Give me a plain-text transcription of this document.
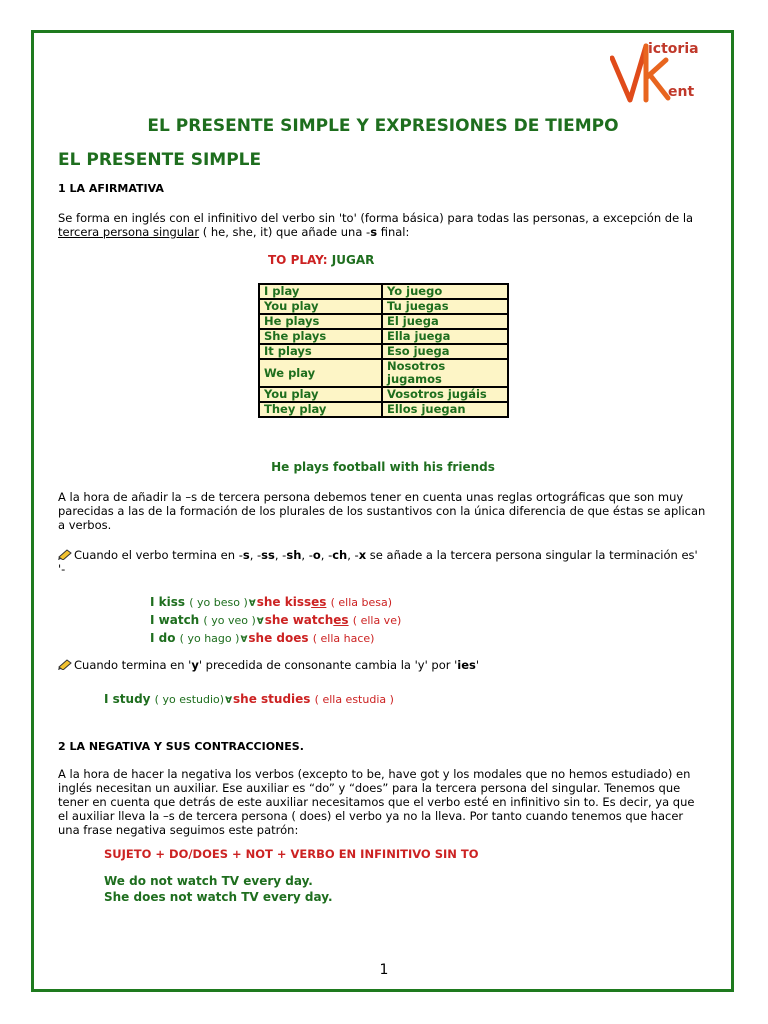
ictoria
ent
EL PRESENTE SIMPLE Y EXPRESIONES DE TIEMPO
EL PRESENTE SIMPLE
1 LA AFIRMATIVA
Se forma en inglés con el infinitivo del verbo sin 'to' (forma básica) para todas las personas, a excepción de la tercera persona singular ( he, she, it) que añade una -s final:
TO PLAY: JUGAR
I play	Yo juego
You play	Tu juegas
He plays	El juega
She plays	Ella juega
It plays	Eso juega
We play	Nosotros jugamos
You play	Vosotros jugáis
They play	Ellos juegan
He plays football with his friends
A la hora de añadir la –s de tercera persona debemos tener en cuenta unas reglas ortográficas que son muy parecidas a las de la formación de los plurales de los sustantivos con la única diferencia de que éstas se aplican a verbos.
Cuando el verbo termina en -s, -ss, -sh, -o, -ch, -x se añade a la tercera persona singular la terminación es' '-
I kiss ( yo beso )∀she kisses ( ella besa)
I watch ( yo veo )∀she watches ( ella ve)
I do ( yo hago )∀she does ( ella hace)
Cuando termina en 'y' precedida de consonante cambia la 'y' por 'ies'
I study ( yo estudio)∀she studies ( ella estudia )
2 LA NEGATIVA Y SUS CONTRACCIONES.
A la hora de hacer la negativa los verbos (excepto to be, have got y los modales que no hemos estudiado) en inglés necesitan un auxiliar. Ese auxiliar es “do” y “does” para la tercera persona del singular. Tenemos que tener en cuenta que detrás de este auxiliar necesitamos que el verbo esté en infinitivo sin to. Es decir, ya que el auxiliar lleva la –s de tercera persona ( does) el verbo ya no la lleva. Por tanto cuando tenemos que hacer una frase negativa seguimos este patrón:
SUJETO + DO/DOES + NOT + VERBO EN INFINITIVO SIN TO
We do not watch TV every day.
She does not watch TV every day.
1
